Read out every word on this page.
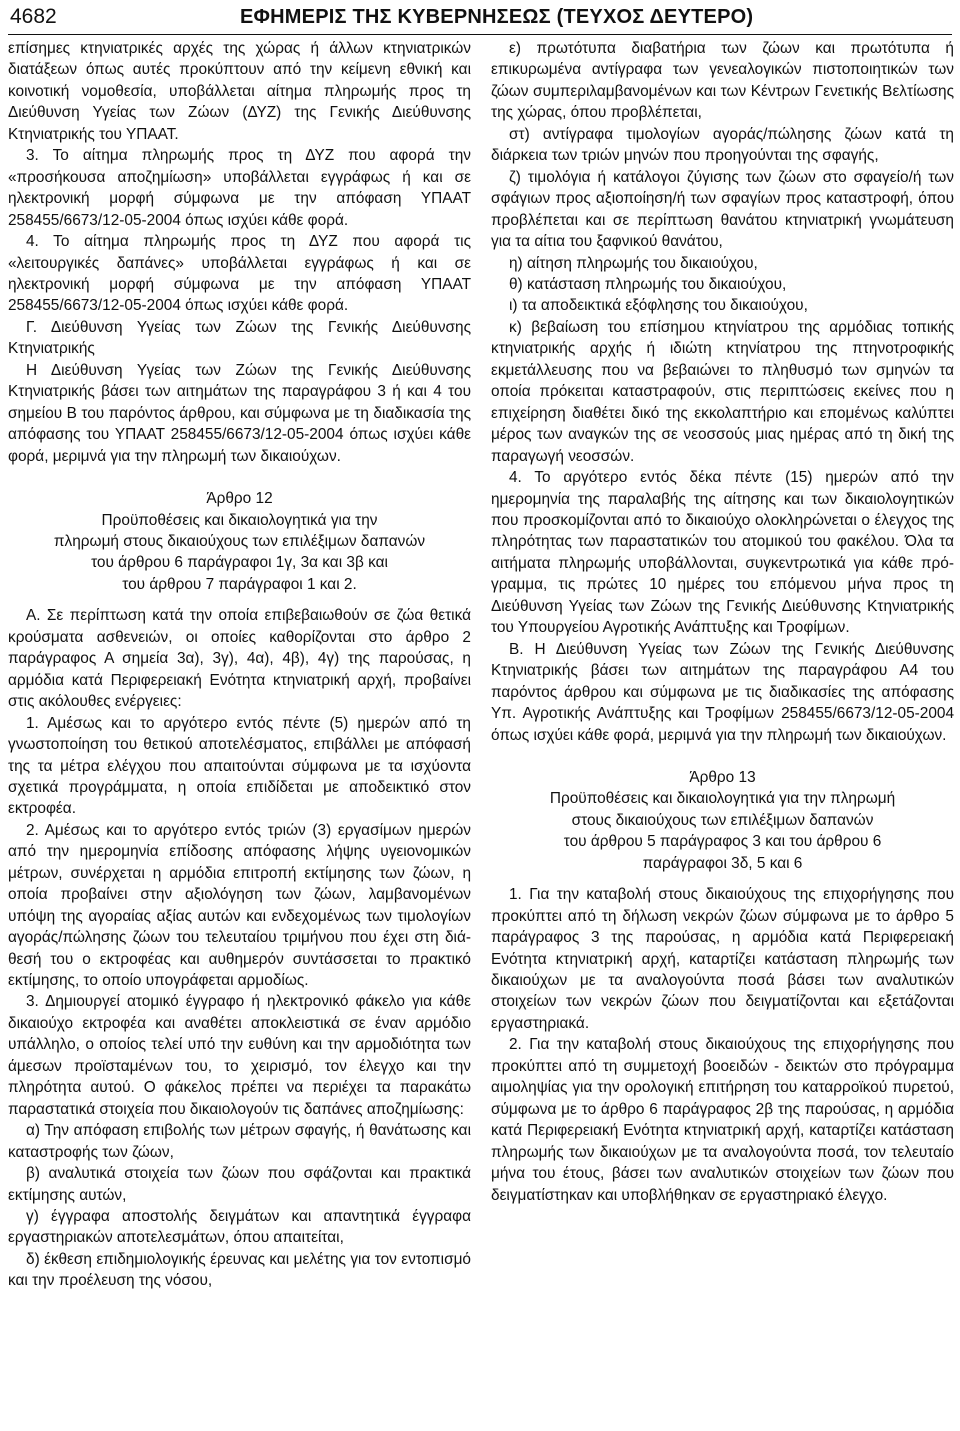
4682	ΕΦΗΜΕΡΙΣ ΤΗΣ ΚΥΒΕΡΝΗΣΕΩΣ (ΤΕΥΧΟΣ ΔΕΥΤΕΡΟ)

επίσημες κτηνιατρικές αρχές της χώρας ή άλλων κτηνιατρικών διατάξεων όπως αυτές προκύπτουν από την κείμενη εθνική και κοινοτική νομοθεσία, υποβάλλεται αίτημα πληρωμής προς τη Διεύθυνση Υγείας των Ζώων (ΔΥΖ) της Γενικής Διεύθυνσης Κτηνιατρικής του ΥΠΑΑΤ.

3. Το αίτημα πληρωμής προς τη ΔΥΖ που αφορά την «προσήκουσα αποζημίωση» υποβάλλεται εγγράφως ή και σε ηλεκτρονική μορφή σύμφωνα με την απόφαση ΥΠΑΑΤ 258455/6673/12-05-2004 όπως ισχύει κάθε φορά.

4. Το αίτημα πληρωμής προς τη ΔΥΖ που αφορά τις «λειτουργικές δαπάνες» υποβάλλεται εγγράφως ή και σε ηλεκτρονική μορφή σύμφωνα με την απόφαση ΥΠΑΑΤ 258455/6673/12-05-2004 όπως ισχύει κάθε φορά.

Γ. Διεύθυνση Υγείας των Ζώων της Γενικής Διεύθυνσης Κτηνιατρικής

Η Διεύθυνση Υγείας των Ζώων της Γενικής Διεύθυνσης Κτηνιατρικής βάσει των αιτημάτων της παραγράφου 3 ή και 4 του σημείου Β του παρόντος άρθρου, και σύμφωνα με τη διαδικασία της απόφασης του ΥΠΑΑΤ 258455/6673/12-05-2004 όπως ισχύει κάθε φορά, μεριμνά για την πληρωμή των δικαιούχων.

Άρθρο 12

Προϋποθέσεις και δικαιολογητικά για την

πληρωμή στους δικαιούχους των επιλέξιμων δαπανών

του άρθρου 6 παράγραφοι 1γ, 3α και 3β και

του άρθρου 7 παράγραφοι 1 και 2.

Α. Σε περίπτωση κατά την οποία επιβεβαιωθούν σε ζώα θετικά κρούσματα ασθενειών, οι οποίες καθορίζονται στο άρθρο 2 παράγραφος Α σημεία 3α), 3γ), 4α), 4β), 4γ) της παρούσας, η αρμόδια κατά Περιφερειακή Ενότητα κτηνιατρική αρχή, προβαίνει στις ακόλουθες ενέργειες:

1. Αμέσως και το αργότερο εντός πέντε (5) ημερών από τη γνωστοποίηση του θετικού αποτελέσματος, επιβάλλει με απόφασή της τα μέτρα ελέγχου που απαιτούνται σύμφωνα με τα ισχύοντα σχετικά προγράμματα, η οποία επιδίδεται με αποδεικτικό στον εκτροφέα.

2. Αμέσως και το αργότερο εντός τριών (3) εργασίμων ημερών από την ημερομηνία επίδοσης απόφασης λήψης υγειονομικών μέτρων, συνέρχεται η αρμόδια επιτροπή εκτίμησης των ζώων, η οποία προβαίνει στην αξιολόγηση των ζώων, λαμβανομένων υπόψη της αγοραίας αξίας αυτών και ενδεχομένως των τιμολογίων αγοράς/πώλησης ζώων του τελευταίου τριμήνου που έχει στη διάθεσή του ο εκτροφέας και αυθημερόν συντάσσεται το πρακτικό εκτίμησης, το οποίο υπογράφεται αρμοδίως.

3. Δημιουργεί ατομικό έγγραφο ή ηλεκτρονικό φάκελο για κάθε δικαιούχο εκτροφέα και αναθέτει αποκλειστικά σε έναν αρμόδιο υπάλληλο, ο οποίος τελεί υπό την ευθύνη και την αρμοδιότητα των άμεσων προϊσταμένων του, το χειρισμό, τον έλεγχο και την πληρότητα αυτού. Ο φάκελος πρέπει να περιέχει τα παρακάτω παραστατικά στοιχεία που δικαιολογούν τις δαπάνες αποζημίωσης:

α) Την απόφαση επιβολής των μέτρων σφαγής, ή θανάτωσης και καταστροφής των ζώων,

β) αναλυτικά στοιχεία των ζώων που σφάζονται και πρακτικά εκτίμησης αυτών,

γ) έγγραφα αποστολής δειγμάτων και απαντητικά έγγραφα εργαστηριακών αποτελεσμάτων, όπου απαιτείται,

δ) έκθεση επιδημιολογικής έρευνας και μελέτης για τον εντοπισμό και την προέλευση της νόσου,

ε) πρωτότυπα διαβατήρια των ζώων και πρωτότυπα ή επικυρωμένα αντίγραφα των γενεαλογικών πιστοποιητικών των ζώων συμπεριλαμβανομένων και των Κέντρων Γενετικής Βελτίωσης της χώρας, όπου προβλέπεται,

στ) αντίγραφα τιμολογίων αγοράς/πώλησης ζώων κατά τη διάρκεια των τριών μηνών που προηγούνται της σφαγής,

ζ) τιμολόγια ή κατάλογοι ζύγισης των ζώων στο σφαγείο/ή των σφάγιων προς αξιοποίηση/ή των σφαγίων προς καταστροφή, όπου προβλέπεται και σε περίπτωση θανάτου κτηνιατρική γνωμάτευση για τα αίτια του ξαφνικού θανάτου,

η) αίτηση πληρωμής του δικαιούχου,

θ) κατάσταση πληρωμής του δικαιούχου,

ι) τα αποδεικτικά εξόφλησης του δικαιούχου,

κ) βεβαίωση του επίσημου κτηνίατρου της αρμόδιας τοπικής κτηνιατρικής αρχής ή ιδιώτη κτηνίατρου της πτηνοτροφικής εκμετάλλευσης που να βεβαιώνει το πληθυσμό των σμηνών τα οποία πρόκειται καταστραφούν, στις περιπτώσεις εκείνες που η επιχείρηση διαθέτει δικό της εκκολαπτήριο και επομένως καλύπτει μέρος των αναγκών της σε νεοσσούς μιας ημέρας από τη δική της παραγωγή νεοσσών.

4. Το αργότερο εντός δέκα πέντε (15) ημερών από την ημερομηνία της παραλαβής της αίτησης και των δικαιολογητικών που προσκομίζονται από το δικαιούχο ολοκληρώνεται ο έλεγχος της πληρότητας των παραστατικών του ατομικού του φακέλου. Όλα τα αιτήματα πληρωμής υποβάλλονται, συγκεντρωτικά για κάθε πρόγραμμα, τις πρώτες 10 ημέρες του επόμενου μήνα προς τη Διεύθυνση Υγείας των Ζώων της Γενικής Διεύθυνσης Κτηνιατρικής του Υπουργείου Αγροτικής Ανάπτυξης και Τροφίμων.

Β. Η Διεύθυνση Υγείας των Ζώων της Γενικής Διεύθυνσης Κτηνιατρικής βάσει των αιτημάτων της παραγράφου Α4 του παρόντος άρθρου και σύμφωνα με τις διαδικασίες της απόφασης Υπ. Αγροτικής Ανάπτυξης και Τροφίμων 258455/6673/12-05-2004 όπως ισχύει κάθε φορά, μεριμνά για την πληρωμή των δικαιούχων.

Άρθρο 13

Προϋποθέσεις και δικαιολογητικά για την πληρωμή

στους δικαιούχους των επιλέξιμων δαπανών

του άρθρου 5 παράγραφος 3 και του άρθρου 6

παράγραφοι 3δ, 5 και 6

1. Για την καταβολή στους δικαιούχους της επιχορήγησης που προκύπτει από τη δήλωση νεκρών ζώων σύμφωνα με το άρθρο 5 παράγραφος 3 της παρούσας, η αρμόδια κατά Περιφερειακή Ενότητα κτηνιατρική αρχή, καταρτίζει κατάσταση πληρωμής των δικαιούχων με τα αναλογούντα ποσά βάσει των αναλυτικών στοιχείων των νεκρών ζώων που δειγματίζονται και εξετάζονται εργαστηριακά.

2. Για την καταβολή στους δικαιούχους της επιχορήγησης που προκύπτει από τη συμμετοχή βοοειδών - δεικτών στο πρόγραμμα αιμοληψίας για την ορολογική επιτήρηση του καταρροϊκού πυρετού, σύμφωνα με το άρθρο 6 παράγραφος 2β της παρούσας, η αρμόδια κατά Περιφερειακή Ενότητα κτηνιατρική αρχή, καταρτίζει κατάσταση πληρωμής των δικαιούχων με τα αναλογούντα ποσά, τον τελευταίο μήνα του έτους, βάσει των αναλυτικών στοιχείων των ζώων που δειγματίστηκαν και υποβλήθηκαν σε εργαστηριακό έλεγχο.
